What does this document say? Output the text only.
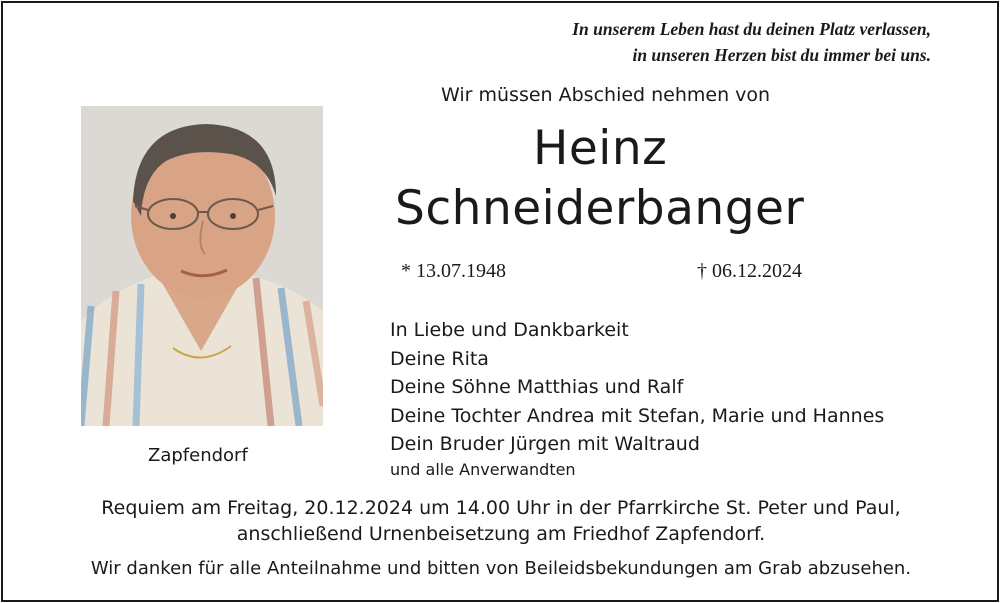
In unserem Leben hast du deinen Platz verlassen,

in unseren Herzen bist du immer bei uns.

Wir müssen Abschied nehmen von

Heinz

Schneiderbanger

* 13.07.1948	† 06.12.2024

Zapfendorf

In Liebe und Dankbarkeit
Deine Rita
Deine Söhne Matthias und Ralf
Deine Tochter Andrea mit Stefan, Marie und Hannes
Dein Bruder Jürgen mit Waltraud
und alle Anverwandten
Requiem am Freitag, 20.12.2024 um 14.00 Uhr in der Pfarrkirche St. Peter und Paul,
anschließend Urnenbeisetzung am Friedhof Zapfendorf.

Wir danken für alle Anteilnahme und bitten von Beileidsbekundungen am Grab abzusehen.
